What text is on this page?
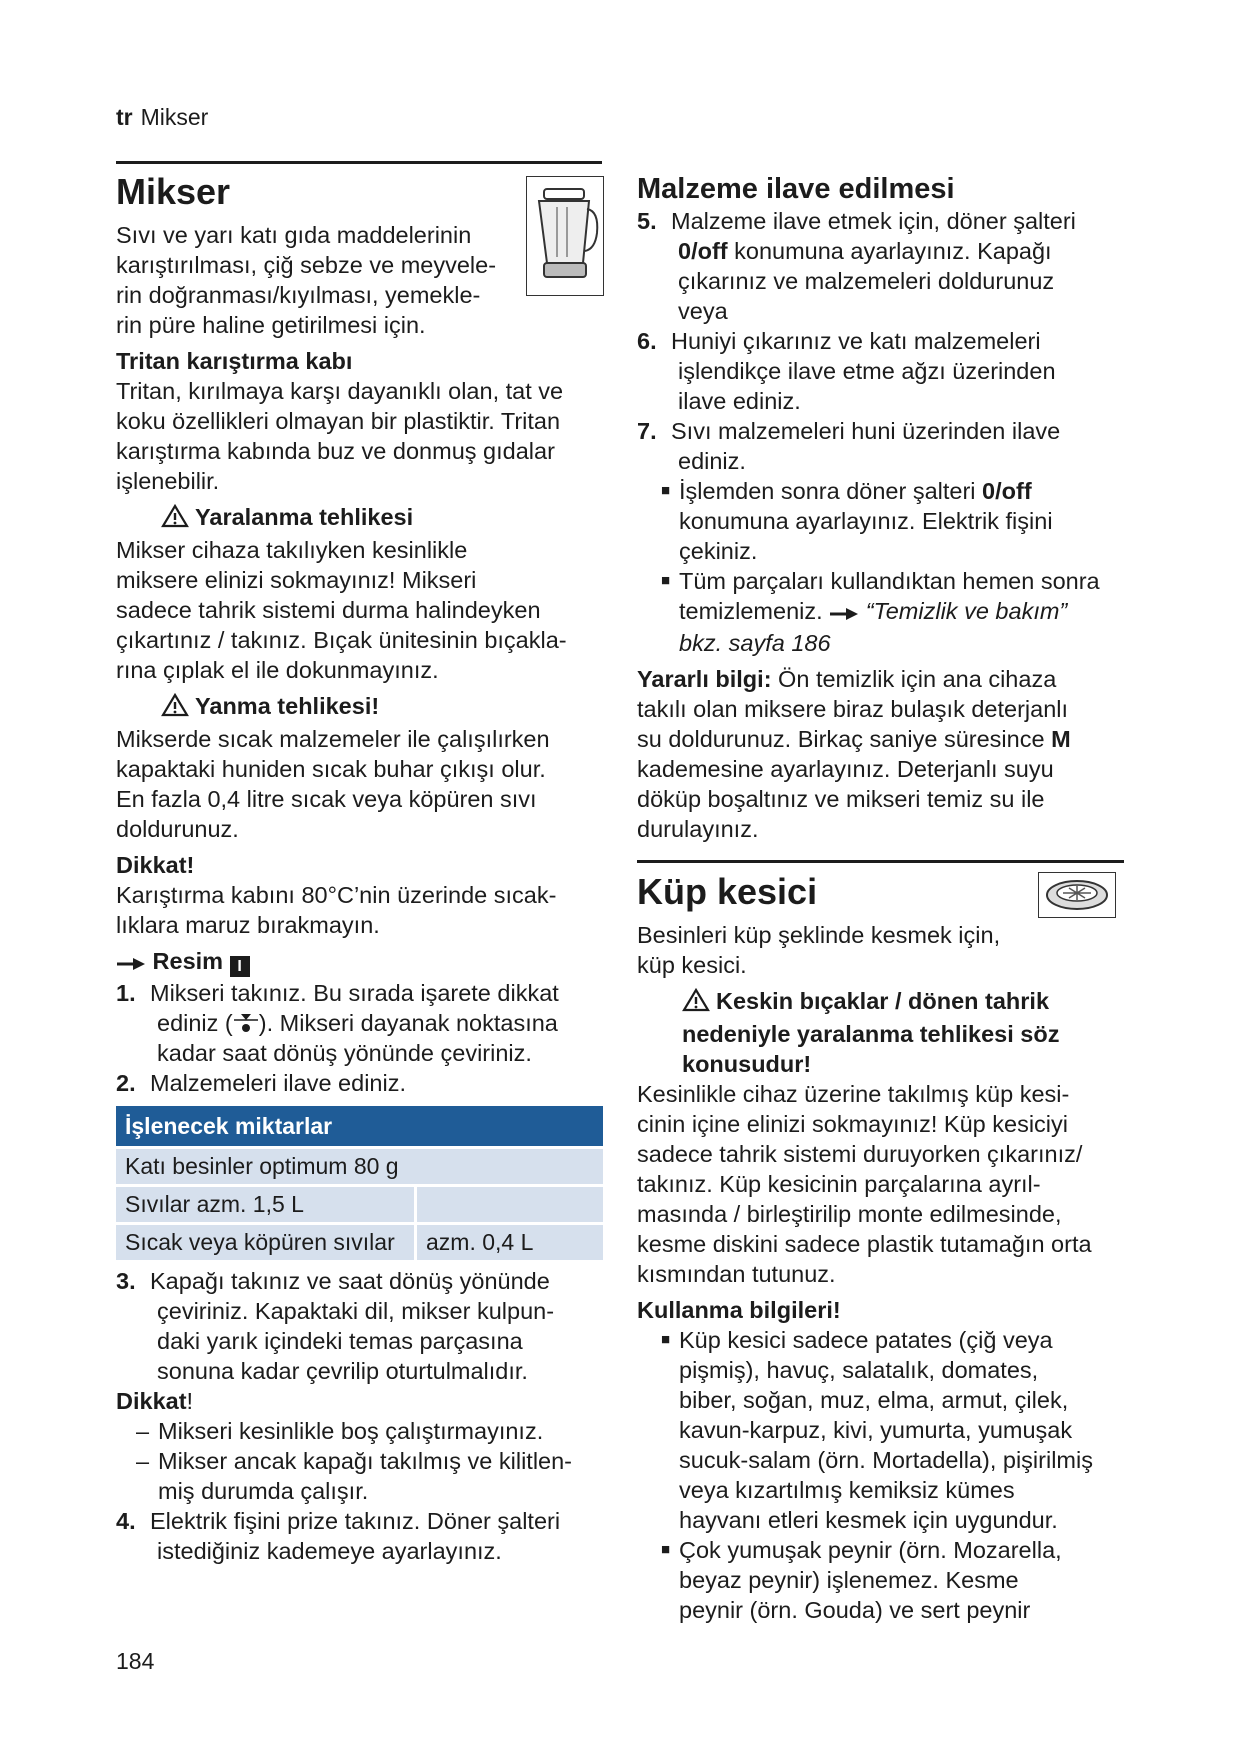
tr Mikser
Mikser

Sıvı ve yarı katı gıda maddelerinin

karıştırılması, çiğ sebze ve meyvele-

rin doğranması/kıyılması, yemekle-

rin püre haline getirilmesi için.

Tritan karıştırma kabı

Tritan, kırılmaya karşı dayanıklı olan, tat ve

koku özellikleri olmayan bir plastiktir. Tritan

karıştırma kabında buz ve donmuş gıdalar

işlenebilir.

Yaralanma tehlikesi

Mikser cihaza takılıyken kesinlikle

miksere elinizi sokmayınız! Mikseri

sadece tahrik sistemi durma halindeyken

çıkartınız / takınız. Bıçak ünitesinin bıçakla-

rına çıplak el ile dokunmayınız.

Yanma tehlikesi!

Mikserde sıcak malzemeler ile çalışılırken

kapaktaki huniden sıcak buhar çıkışı olur.

En fazla 0,4 litre sıcak veya köpüren sıvı

doldurunuz.

Dikkat!

Karıştırma kabını 80°C’nin üzerinde sıcak-

lıklara maruz bırakmayın.

Resim I

1. Mikseri takınız. Bu sırada işarete dikkat
ediniz ( ). Mikseri dayanak noktasına
kadar saat dönüş yönünde çeviriniz.
2. Malzemeleri ilave ediniz.
İşlenecek miktarlar	
Katı besinler optimum 80 g	
Sıvılar azm. 1,5 L	
Sıcak veya köpüren sıvılar	azm. 0,4 L
3. Kapağı takınız ve saat dönüş yönünde
çeviriniz. Kapaktaki dil, mikser kulpun-
daki yarık içindeki temas parçasına
sonuna kadar çevrilip oturtulmalıdır.

Dikkat!

– Mikseri kesinlikle boş çalıştırmayınız.
– Mikser ancak kapağı takılmış ve kilitlen-
miş durumda çalışır.
4. Elektrik fişini prize takınız. Döner şalteri
istediğiniz kademeye ayarlayınız.
Malzeme ilave edilmesi
5. Malzeme ilave etmek için, döner şalteri
0/off konumuna ayarlayınız. Kapağı
çıkarınız ve malzemeleri doldurunuz
veya
6. Huniyi çıkarınız ve katı malzemeleri
işlendikçe ilave etme ağzı üzerinden
ilave ediniz.
7. Sıvı malzemeleri huni üzerinden ilave
ediniz.
■ İşlemden sonra döner şalteri 0/off
konumuna ayarlayınız. Elektrik fişini
çekiniz.
■ Tüm parçaları kullandıktan hemen sonra
temizlemeniz. “Temizlik ve bakım”
bkz. sayfa 186

Yararlı bilgi: Ön temizlik için ana cihaza

takılı olan miksere biraz bulaşık deterjanlı

su doldurunuz. Birkaç saniye süresince M

kademesine ayarlayınız. Deterjanlı suyu

döküp boşaltınız ve mikseri temiz su ile

durulayınız.

Küp kesici

Besinleri küp şeklinde kesmek için,

küp kesici.

Keskin bıçaklar / dönen tahrik

nedeniyle yaralanma tehlikesi söz

konusudur!

Kesinlikle cihaz üzerine takılmış küp kesi-

cinin içine elinizi sokmayınız! Küp kesiciyi

sadece tahrik sistemi duruyorken çıkarınız/

takınız. Küp kesicinin parçalarına ayrıl-

masında / birleştirilip monte edilmesinde,

kesme diskini sadece plastik tutamağın orta

kısmından tutunuz.

Kullanma bilgileri!

■ Küp kesici sadece patates (çiğ veya
pişmiş), havuç, salatalık, domates,
biber, soğan, muz, elma, armut, çilek,
kavun-karpuz, kivi, yumurta, yumuşak
sucuk-salam (örn. Mortadella), pişirilmiş
veya kızartılmış kemiksiz kümes
hayvanı etleri kesmek için uygundur.
■ Çok yumuşak peynir (örn. Mozarella,
beyaz peynir) işlenemez. Kesme
peynir (örn. Gouda) ve sert peynir
184
